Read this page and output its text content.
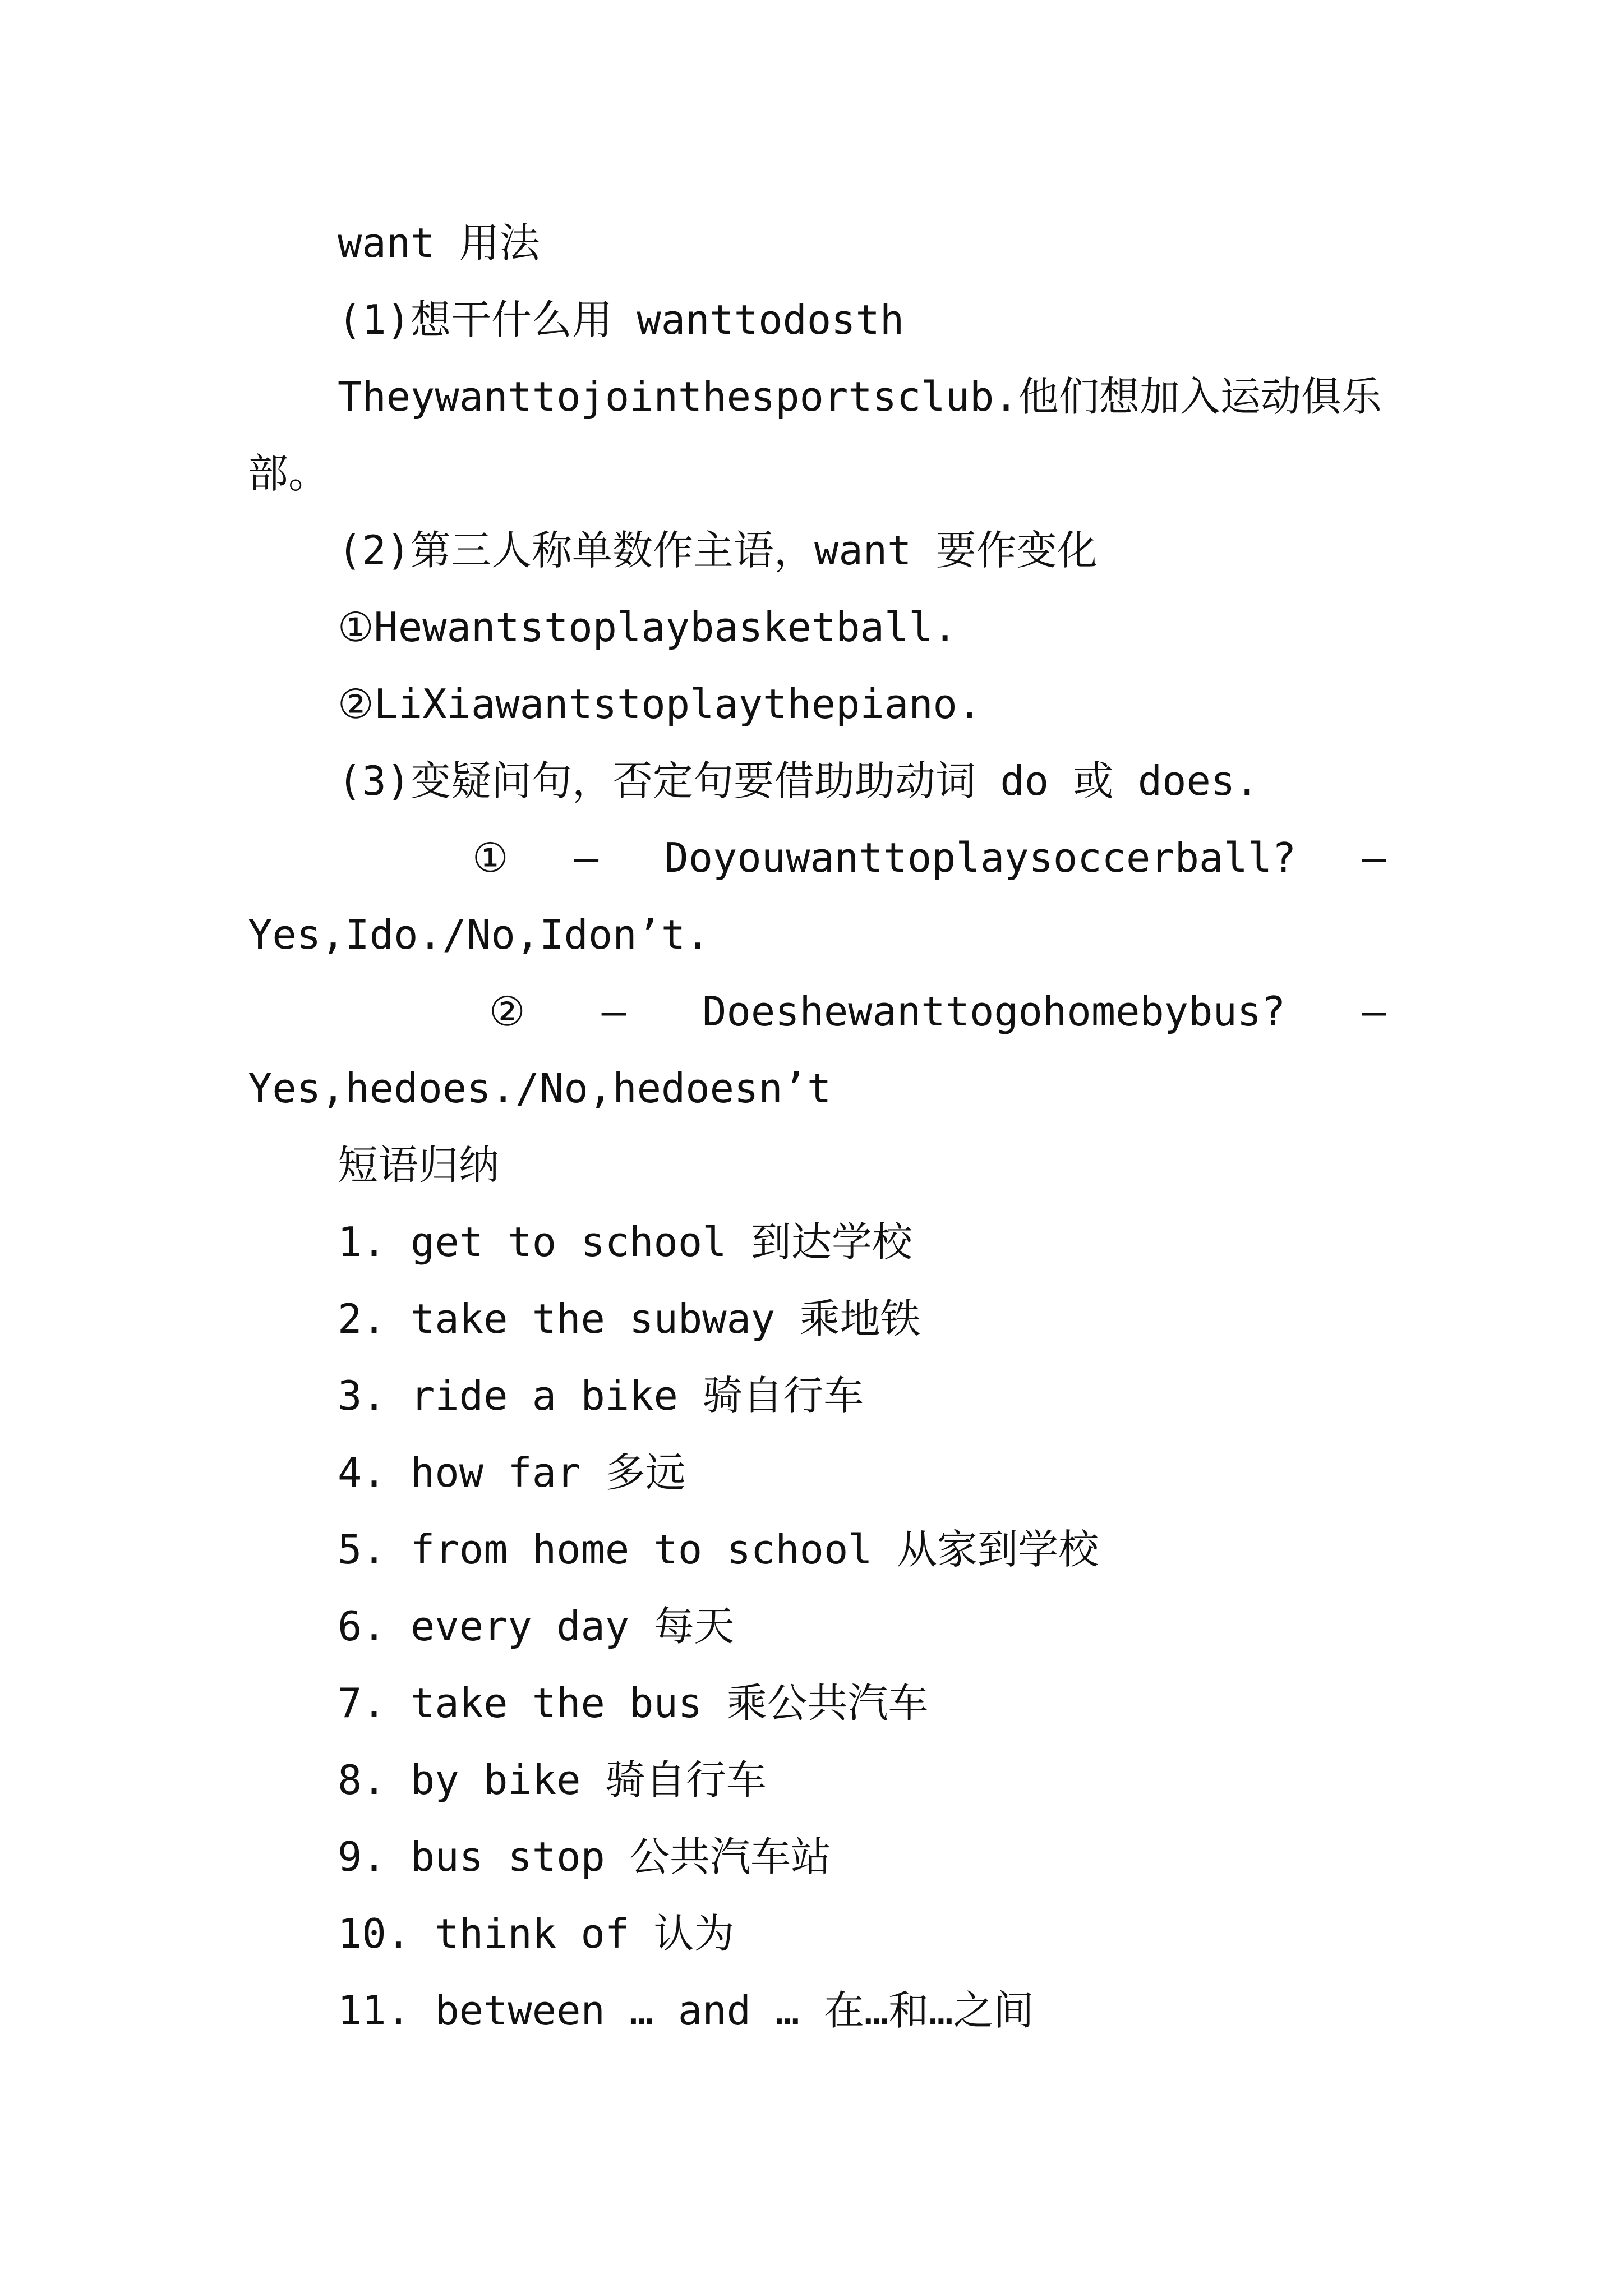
want 用法
(1)想干什么用 wanttodosth
Theywanttojointhesportsclub.他们想加入运动俱乐
部。
(2)第三人称单数作主语，want 要作变化
①Hewantstoplaybasketball.
②LiXiawantstoplaythepiano.
(3)变疑问句，否定句要借助助动词 do 或 does.
① — Doyouwanttoplaysoccerball? —
Yes,Ido./No,Idon’t.
② — Doeshewanttogohomebybus? —
Yes,hedoes./No,hedoesn’t
短语归纳
1. get to school 到达学校
2. take the subway 乘地铁
3. ride a bike 骑自行车
4. how far 多远
5. from home to school 从家到学校
6. every day 每天
7. take the bus 乘公共汽车
8. by bike 骑自行车
9. bus stop 公共汽车站
10. think of 认为
11. between … and … 在…和…之间
